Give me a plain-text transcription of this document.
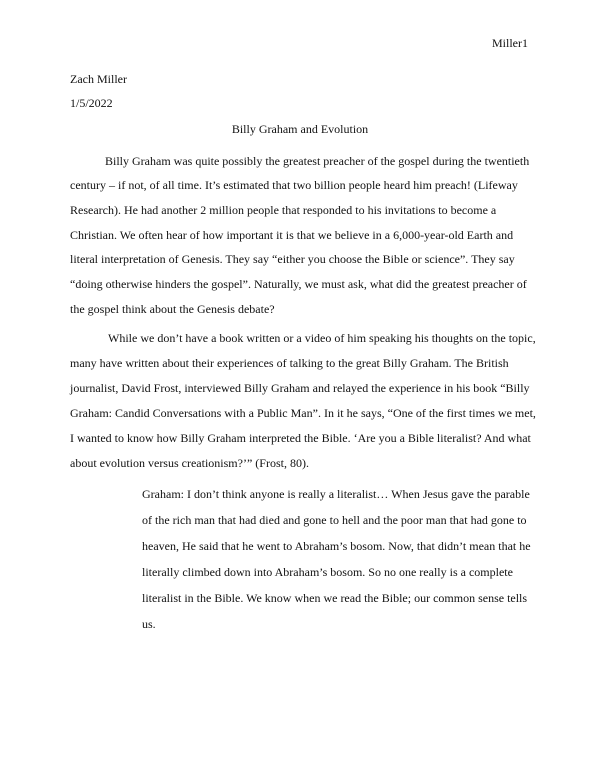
Miller1
Zach Miller
1/5/2022
Billy Graham and Evolution
Billy Graham was quite possibly the greatest preacher of the gospel during the twentieth
century – if not, of all time. It’s estimated that two billion people heard him preach! (Lifeway
Research). He had another 2 million people that responded to his invitations to become a
Christian. We often hear of how important it is that we believe in a 6,000-year-old Earth and
literal interpretation of Genesis. They say “either you choose the Bible or science”. They say
“doing otherwise hinders the gospel”. Naturally, we must ask, what did the greatest preacher of
the gospel think about the Genesis debate?
While we don’t have a book written or a video of him speaking his thoughts on the topic,
many have written about their experiences of talking to the great Billy Graham. The British
journalist, David Frost, interviewed Billy Graham and relayed the experience in his book “Billy
Graham: Candid Conversations with a Public Man”. In it he says, “One of the first times we met,
I wanted to know how Billy Graham interpreted the Bible. ‘Are you a Bible literalist? And what
about evolution versus creationism?’” (Frost, 80).
Graham: I don’t think anyone is really a literalist… When Jesus gave the parable
of the rich man that had died and gone to hell and the poor man that had gone to
heaven, He said that he went to Abraham’s bosom. Now, that didn’t mean that he
literally climbed down into Abraham’s bosom. So no one really is a complete
literalist in the Bible. We know when we read the Bible; our common sense tells
us.
